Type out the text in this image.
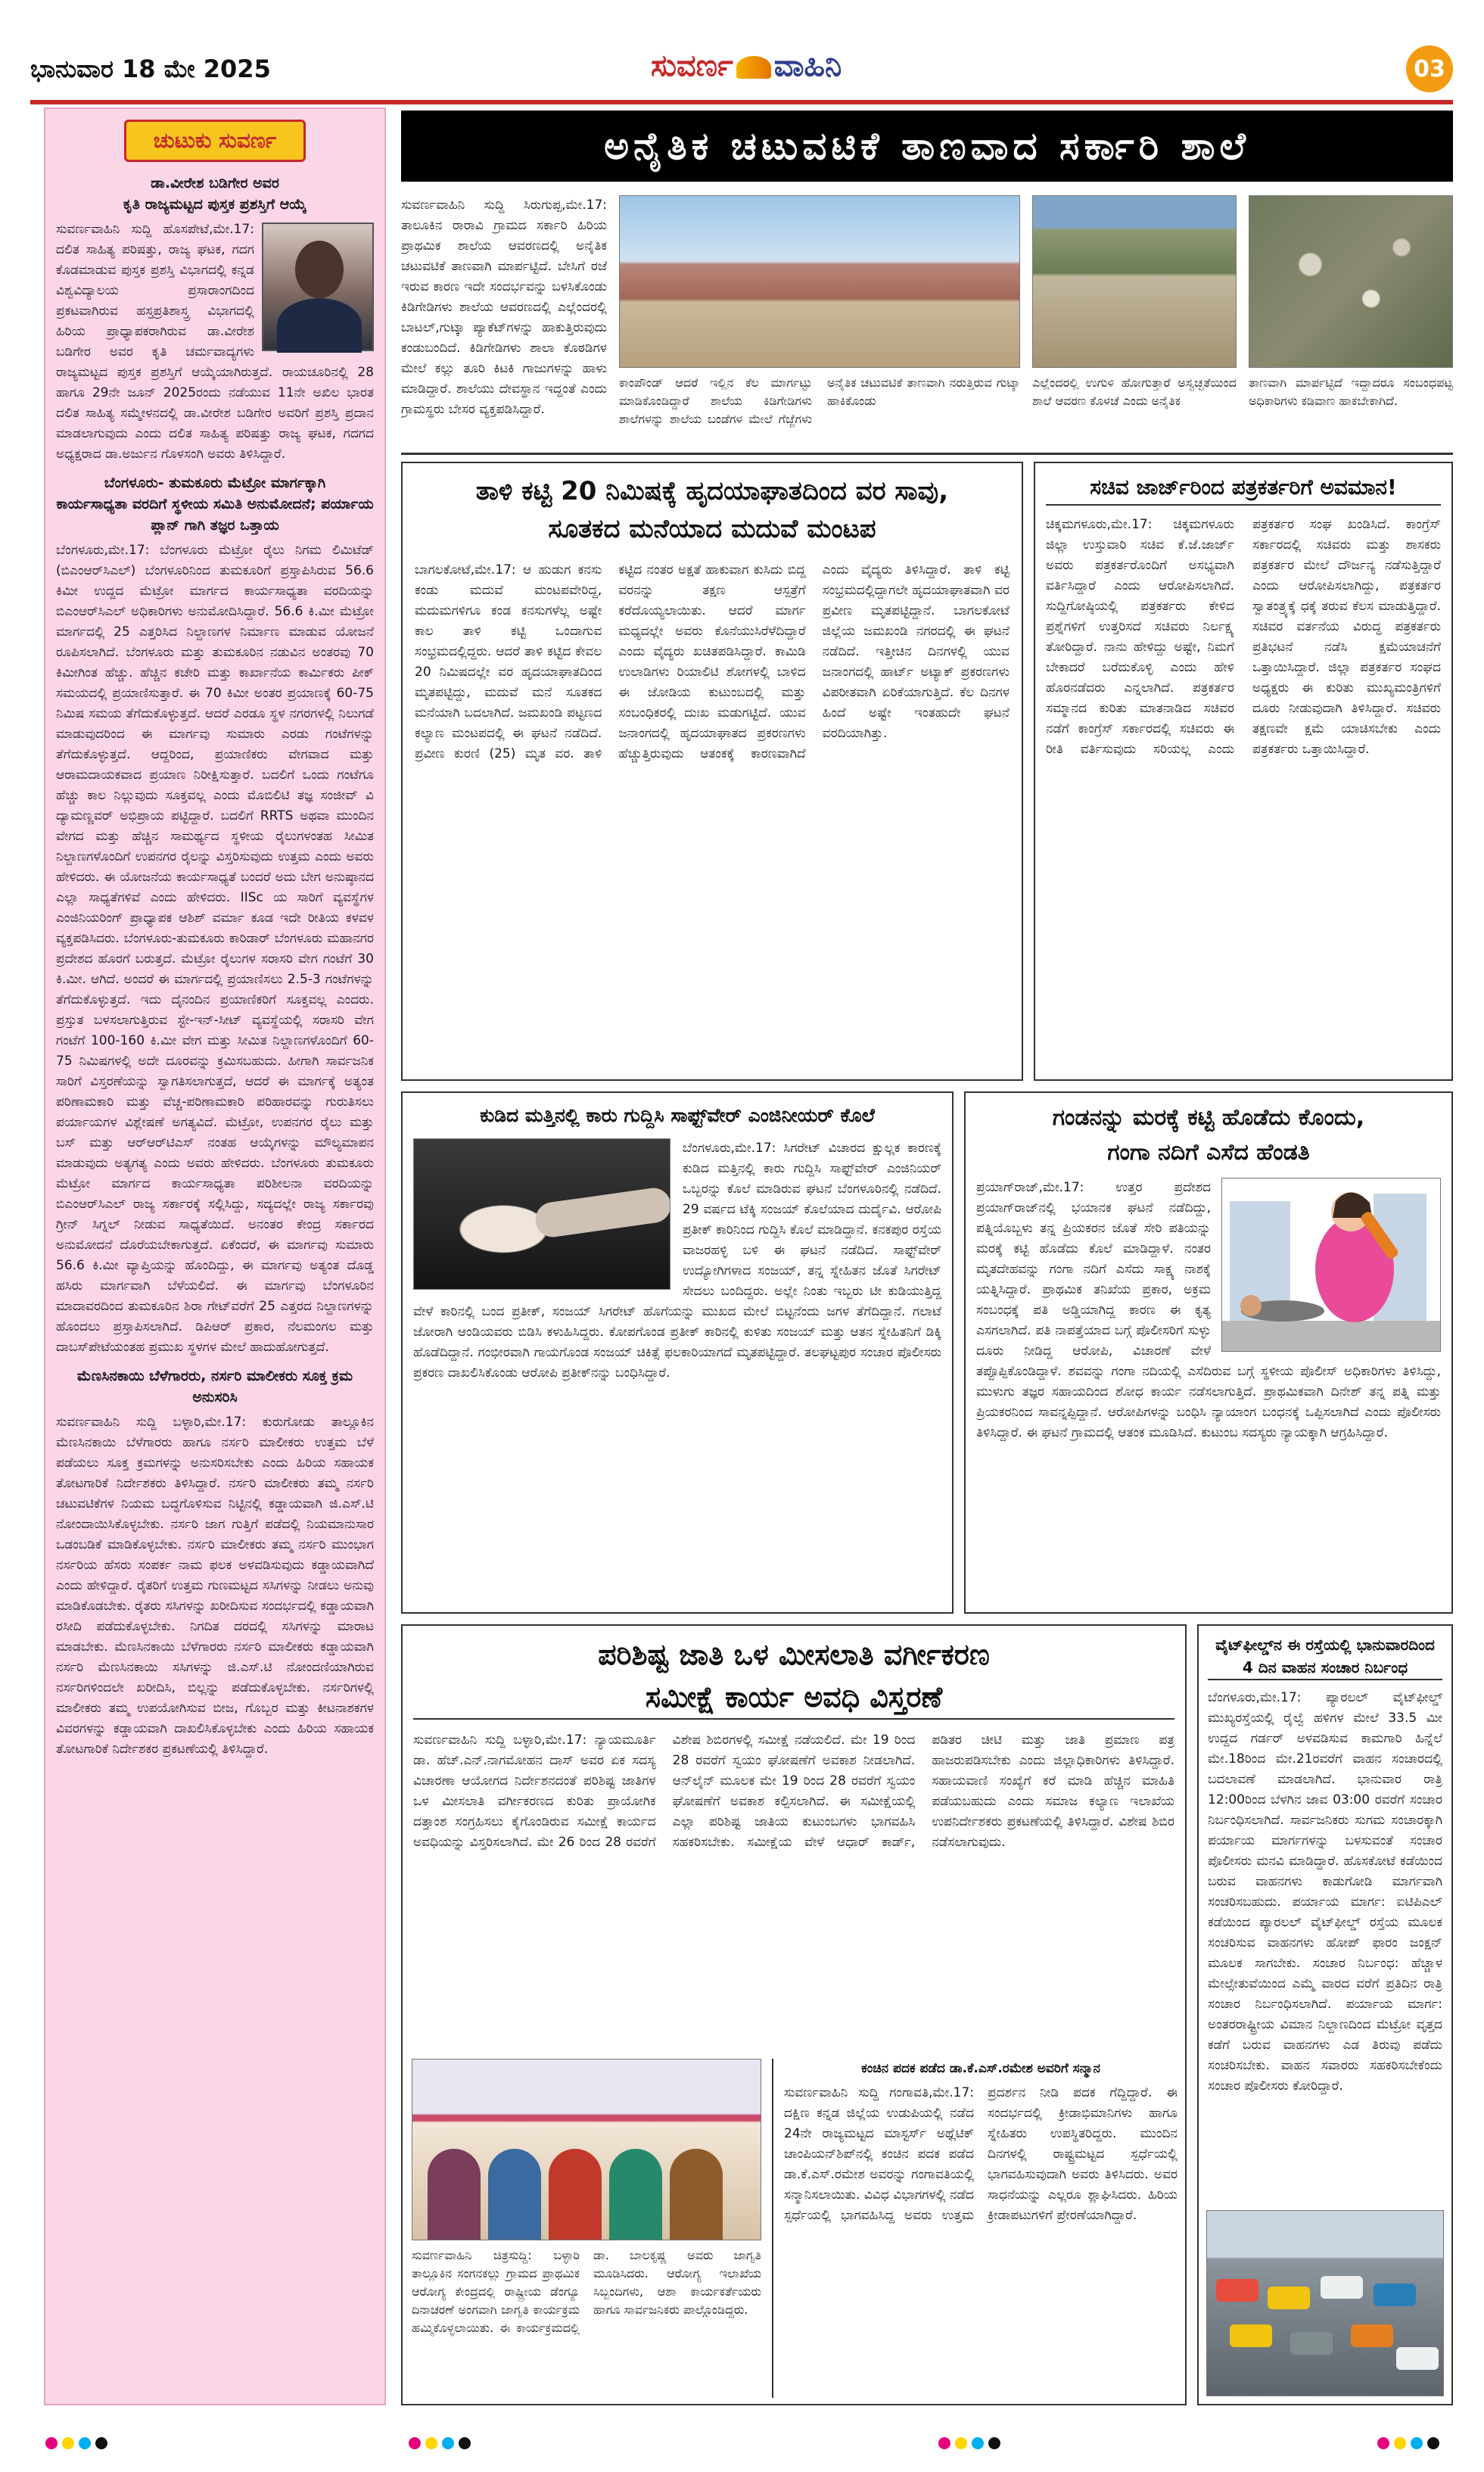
ಭಾನುವಾರ 18 ಮೇ 2025	ಸುವರ್ಣ ವಾಹಿನಿ	03
ಚುಟುಕು ಸುವರ್ಣ
ಡಾ.ವೀರೇಶ ಬಡಿಗೇರ ಅವರ
ಕೃತಿ ರಾಜ್ಯಮಟ್ಟದ ಪುಸ್ತಕ ಪ್ರಶಸ್ತಿಗೆ ಆಯ್ಕೆ

ಸುವರ್ಣವಾಹಿನಿ ಸುದ್ದಿ ಹೊಸಪೇಟೆ,ಮೇ.17: ದಲಿತ ಸಾಹಿತ್ಯ ಪರಿಷತ್ತು, ರಾಜ್ಯ ಘಟಕ, ಗದಗ ಕೊಡಮಾಡುವ ಪುಸ್ತಕ ಪ್ರಶಸ್ತಿ ವಿಭಾಗದಲ್ಲಿ ಕನ್ನಡ ವಿಶ್ವವಿದ್ಯಾಲಯ ಪ್ರಸಾರಾಂಗದಿಂದ ಪ್ರಕಟವಾಗಿರುವ ಹಸ್ತಪ್ರತಿಶಾಸ್ತ್ರ ವಿಭಾಗದಲ್ಲಿ ಹಿರಿಯ ಪ್ರಾಧ್ಯಾಪಕರಾಗಿರುವ ಡಾ.ವೀರೇಶ ಬಡಿಗೇರ ಅವರ ಕೃತಿ ಚರ್ಮವಾದ್ಯಗಳು ರಾಜ್ಯಮಟ್ಟದ ಪುಸ್ತಕ ಪ್ರಶಸ್ತಿಗೆ ಆಯ್ಕೆಯಾಗಿರುತ್ತದೆ. ರಾಯಚೂರಿನಲ್ಲಿ 28 ಹಾಗೂ 29ನೇ ಜೂನ್ 2025ರಂದು ನಡೆಯುವ 11ನೇ ಅಖಿಲ ಭಾರತ ದಲಿತ ಸಾಹಿತ್ಯ ಸಮ್ಮೇಳನದಲ್ಲಿ ಡಾ.ವೀರೇಶ ಬಡಿಗೇರ ಅವರಿಗೆ ಪ್ರಶಸ್ತಿ ಪ್ರದಾನ ಮಾಡಲಾಗುವುದು ಎಂದು ದಲಿತ ಸಾಹಿತ್ಯ ಪರಿಷತ್ತು ರಾಜ್ಯ ಘಟಕ, ಗದಗದ ಅಧ್ಯಕ್ಷರಾದ ಡಾ.ಅರ್ಜುನ ಗೊಳಸಂಗಿ ಅವರು ತಿಳಿಸಿದ್ದಾರೆ.

ಬೆಂಗಳೂರು- ತುಮಕೂರು ಮೆಟ್ರೋ ಮಾರ್ಗಕ್ಕಾಗಿ
ಕಾರ್ಯಸಾಧ್ಯತಾ ವರದಿಗೆ ಸ್ಥಳೀಯ ಸಮಿತಿ ಅನುಮೋದನೆ; ಪರ್ಯಾಯ ಪ್ಲಾನ್ ಗಾಗಿ ತಜ್ಞರ ಒತ್ತಾಯ

ಬೆಂಗಳೂರು,ಮೇ.17: ಬೆಂಗಳೂರು ಮೆಟ್ರೋ ರೈಲು ನಿಗಮ ಲಿಮಿಟೆಡ್ (ಬಿಎಂಆರ್‌ಸಿಎಲ್) ಬೆಂಗಳೂರಿನಿಂದ ತುಮಕೂರಿಗೆ ಪ್ರಸ್ತಾಪಿಸಿರುವ 56.6 ಕಿಮೀ ಉದ್ದದ ಮೆಟ್ರೋ ಮಾರ್ಗದ ಕಾರ್ಯಸಾಧ್ಯತಾ ವರದಿಯನ್ನು ಬಿಎಂಆರ್‌ಸಿಎಲ್ ಅಧಿಕಾರಿಗಳು ಅನುಮೋದಿಸಿದ್ದಾರೆ. 56.6 ಕಿ.ಮೀ ಮೆಟ್ರೋ ಮಾರ್ಗದಲ್ಲಿ 25 ಎತ್ತರಿಸಿದ ನಿಲ್ದಾಣಗಳ ನಿರ್ಮಾಣ ಮಾಡುವ ಯೋಜನೆ ರೂಪಿಸಲಾಗಿದೆ. ಬೆಂಗಳೂರು ಮತ್ತು ತುಮಕೂರಿನ ನಡುವಿನ ಅಂತರವು 70 ಕಿಮೀಗಿಂತ ಹೆಚ್ಚು. ಹೆಚ್ಚಿನ ಕಚೇರಿ ಮತ್ತು ಕಾರ್ಖಾನೆಯ ಕಾರ್ಮಿಕರು ಪೀಕ್ ಸಮಯದಲ್ಲಿ ಪ್ರಯಾಣಿಸುತ್ತಾರೆ. ಈ 70 ಕಿಮೀ ಅಂತರ ಪ್ರಯಾಣಕ್ಕೆ 60-75 ನಿಮಿಷ ಸಮಯ ತೆಗೆದುಕೊಳ್ಳುತ್ತದೆ. ಆದರೆ ಎರಡೂ ಸ್ಥಳ ನಗರಗಳಲ್ಲಿ ನಿಲುಗಡೆ ಮಾಡುವುದರಿಂದ ಈ ಮಾರ್ಗವು ಸುಮಾರು ಎರಡು ಗಂಟೆಗಳನ್ನು ತೆಗೆದುಕೊಳ್ಳುತ್ತದೆ. ಆದ್ದರಿಂದ, ಪ್ರಯಾಣಿಕರು ವೇಗವಾದ ಮತ್ತು ಆರಾಮದಾಯಕವಾದ ಪ್ರಯಾಣ ನಿರೀಕ್ಷಿಸುತ್ತಾರೆ. ಬದಲಿಗೆ ಒಂದು ಗಂಟೆಗೂ ಹೆಚ್ಚು ಕಾಲ ನಿಲ್ಲುವುದು ಸೂಕ್ತವಲ್ಲ ಎಂದು ಮೊಬಿಲಿಟಿ ತಜ್ಞ ಸಂಜೀವ್ ವಿ ದ್ಯಾಮಣ್ಣವರ್ ಅಭಿಪ್ರಾಯ ಪಟ್ಟಿದ್ದಾರೆ. ಬದಲಿಗೆ RRTS ಅಥವಾ ಮುಂದಿನ ವೇಗದ ಮತ್ತು ಹೆಚ್ಚಿನ ಸಾಮರ್ಥ್ಯದ ಸ್ಥಳೀಯ ರೈಲುಗಳಂತಹ ಸೀಮಿತ ನಿಲ್ದಾಣಗಳೊಂದಿಗೆ ಉಪನಗರ ರೈಲನ್ನು ವಿಸ್ತರಿಸುವುದು ಉತ್ತಮ ಎಂದು ಅವರು ಹೇಳಿದರು. ಈ ಯೋಜನೆಯ ಕಾರ್ಯಸಾಧ್ಯತೆ ಬಂದರೆ ಅದು ಬೇಗ ಅನುಷ್ಠಾನದ ಎಲ್ಲಾ ಸಾಧ್ಯತೆಗಳಿವೆ ಎಂದು ಹೇಳಿದರು. IISc ಯ ಸಾರಿಗೆ ವ್ಯವಸ್ಥೆಗಳ ಎಂಜಿನಿಯರಿಂಗ್ ಪ್ರಾಧ್ಯಾಪಕ ಆಶಿಶ್ ವರ್ಮಾ ಕೂಡ ಇದೇ ರೀತಿಯ ಕಳವಳ ವ್ಯಕ್ತಪಡಿಸಿದರು. ಬೆಂಗಳೂರು-ತುಮಕೂರು ಕಾರಿಡಾರ್ ಬೆಂಗಳೂರು ಮಹಾನಗರ ಪ್ರದೇಶದ ಹೊರಗೆ ಬರುತ್ತದೆ. ಮೆಟ್ರೋ ರೈಲುಗಳ ಸರಾಸರಿ ವೇಗ ಗಂಟೆಗೆ 30 ಕಿ.ಮೀ. ಆಗಿದೆ. ಅಂದರೆ ಈ ಮಾರ್ಗದಲ್ಲಿ ಪ್ರಯಾಣಿಸಲು 2.5-3 ಗಂಟೆಗಳನ್ನು ತೆಗೆದುಕೊಳ್ಳುತ್ತದೆ. ಇದು ದೈನಂದಿನ ಪ್ರಯಾಣಿಕರಿಗೆ ಸೂಕ್ತವಲ್ಲ ಎಂದರು. ಪ್ರಸ್ತುತ ಬಳಸಲಾಗುತ್ತಿರುವ ಸ್ಟೇ-ಇನ್-ಸೀಟ್ ವ್ಯವಸ್ಥೆಯಲ್ಲಿ ಸರಾಸರಿ ವೇಗ ಗಂಟೆಗೆ 100-160 ಕಿ.ಮೀ ವೇಗ ಮತ್ತು ಸೀಮಿತ ನಿಲ್ದಾಣಗಳೊಂದಿಗೆ 60-75 ನಿಮಿಷಗಳಲ್ಲಿ ಅದೇ ದೂರವನ್ನು ಕ್ರಮಿಸಬಹುದು. ಹೀಗಾಗಿ ಸಾರ್ವಜನಿಕ ಸಾರಿಗೆ ವಿಸ್ತರಣೆಯನ್ನು ಸ್ವಾಗತಿಸಲಾಗುತ್ತದೆ, ಆದರೆ ಈ ಮಾರ್ಗಕ್ಕೆ ಅತ್ಯಂತ ಪರಿಣಾಮಕಾರಿ ಮತ್ತು ವೆಚ್ಚ-ಪರಿಣಾಮಕಾರಿ ಪರಿಹಾರವನ್ನು ಗುರುತಿಸಲು ಪರ್ಯಾಯಗಳ ವಿಶ್ಲೇಷಣೆ ಅಗತ್ಯವಿದೆ. ಮೆಟ್ರೋ, ಉಪನಗರ ರೈಲು ಮತ್ತು ಬಸ್ ಮತ್ತು ಆರ್‌ಆರ್‌ಟಿಎಸ್ ನಂತಹ ಆಯ್ಕೆಗಳನ್ನು ಮೌಲ್ಯಮಾಪನ ಮಾಡುವುದು ಅತ್ಯಗತ್ಯ ಎಂದು ಅವರು ಹೇಳಿದರು. ಬೆಂಗಳೂರು ತುಮಕೂರು ಮೆಟ್ರೋ ಮಾರ್ಗದ ಕಾರ್ಯಸಾಧ್ಯತಾ ಪರಿಶೀಲನಾ ವರದಿಯನ್ನು ಬಿಎಂಆರ್‌ಸಿಎಲ್ ರಾಜ್ಯ ಸರ್ಕಾರಕ್ಕೆ ಸಲ್ಲಿಸಿದ್ದು, ಸದ್ಯದಲ್ಲೇ ರಾಜ್ಯ ಸರ್ಕಾರವು ಗ್ರೀನ್ ಸಿಗ್ನಲ್ ನೀಡುವ ಸಾಧ್ಯತೆಯಿದೆ. ಅನಂತರ ಕೇಂದ್ರ ಸರ್ಕಾರದ ಅನುಮೋದನೆ ದೊರೆಯಬೇಕಾಗುತ್ತದೆ. ಏಕೆಂದರೆ, ಈ ಮಾರ್ಗವು ಸುಮಾರು 56.6 ಕಿ.ಮೀ ವ್ಯಾಪ್ತಿಯನ್ನು ಹೊಂದಿದ್ದು, ಈ ಮಾರ್ಗವು ಅತ್ಯಂತ ದೊಡ್ಡ ಹಸಿರು ಮಾರ್ಗವಾಗಿ ಬೆಳೆಯಲಿದೆ. ಈ ಮಾರ್ಗವು ಬೆಂಗಳೂರಿನ ಮಾದಾವರದಿಂದ ತುಮಕೂರಿನ ಶಿರಾ ಗೇಟ್‌ವರೆಗೆ 25 ಎತ್ತರದ ನಿಲ್ದಾಣಗಳನ್ನು ಹೊಂದಲು ಪ್ರಸ್ತಾಪಿಸಲಾಗಿದೆ. ಡಿಪಿಆರ್ ಪ್ರಕಾರ, ನೆಲಮಂಗಲ ಮತ್ತು ದಾಬಸ್‌ಪೇಟೆಯಂತಹ ಪ್ರಮುಖ ಸ್ಥಳಗಳ ಮೇಲೆ ಹಾದುಹೋಗುತ್ತದೆ.

ಮೆಣಸಿನಕಾಯಿ ಬೆಳೆಗಾರರು, ನರ್ಸರಿ ಮಾಲೀಕರು ಸೂಕ್ತ ಕ್ರಮ
ಅನುಸರಿಸಿ

ಸುವರ್ಣವಾಹಿನಿ ಸುದ್ದಿ ಬಳ್ಳಾರಿ,ಮೇ.17: ಕುರುಗೋಡು ತಾಲ್ಲೂಕಿನ ಮೆಣಸಿನಕಾಯಿ ಬೆಳೆಗಾರರು ಹಾಗೂ ನರ್ಸರಿ ಮಾಲೀಕರು ಉತ್ತಮ ಬೆಳೆ ಪಡೆಯಲು ಸೂಕ್ತ ಕ್ರಮಗಳನ್ನು ಅನುಸರಿಸಬೇಕು ಎಂದು ಹಿರಿಯ ಸಹಾಯಕ ತೋಟಗಾರಿಕೆ ನಿರ್ದೇಶಕರು ತಿಳಿಸಿದ್ದಾರೆ. ನರ್ಸರಿ ಮಾಲೀಕರು ತಮ್ಮ ನರ್ಸರಿ ಚಟುವಟಿಕೆಗಳ ನಿಯಮ ಬದ್ಧಗೊಳಿಸುವ ನಿಟ್ಟಿನಲ್ಲಿ ಕಡ್ಡಾಯವಾಗಿ ಜಿ.ಎಸ್.ಟಿ ನೋಂದಾಯಿಸಿಕೊಳ್ಳಬೇಕು. ನರ್ಸರಿ ಜಾಗ ಗುತ್ತಿಗೆ ಪಡೆದಲ್ಲಿ ನಿಯಮಾನುಸಾರ ಒಡಂಬಡಿಕೆ ಮಾಡಿಕೊಳ್ಳಬೇಕು. ನರ್ಸರಿ ಮಾಲೀಕರು ತಮ್ಮ ನರ್ಸರಿ ಮುಂಭಾಗ ನರ್ಸರಿಯ ಹೆಸರು ಸಂಪರ್ಕ ನಾಮ ಫಲಕ ಅಳವಡಿಸುವುದು ಕಡ್ಡಾಯವಾಗಿದೆ ಎಂದು ಹೇಳಿದ್ದಾರೆ. ರೈತರಿಗೆ ಉತ್ತಮ ಗುಣಮಟ್ಟದ ಸಸಿಗಳನ್ನು ನೀಡಲು ಅನುವು ಮಾಡಿಕೊಡಬೇಕು. ರೈತರು ಸಸಿಗಳನ್ನು ಖರೀದಿಸುವ ಸಂದರ್ಭದಲ್ಲಿ ಕಡ್ಡಾಯವಾಗಿ ರಸೀದಿ ಪಡೆದುಕೊಳ್ಳಬೇಕು. ನಿಗದಿತ ದರದಲ್ಲಿ ಸಸಿಗಳನ್ನು ಮಾರಾಟ ಮಾಡಬೇಕು. ಮೆಣಸಿನಕಾಯಿ ಬೆಳೆಗಾರರು ನರ್ಸರಿ ಮಾಲೀಕರು ಕಡ್ಡಾಯವಾಗಿ ನರ್ಸರಿ ಮೆಣಸಿನಕಾಯಿ ಸಸಿಗಳನ್ನು ಜಿ.ಎಸ್.ಟಿ ನೋಂದಣಿಯಾಗಿರುವ ನರ್ಸರಿಗಳಿಂದಲೇ ಖರೀದಿಸಿ, ಬಿಲ್ಲನ್ನು ಪಡೆದುಕೊಳ್ಳಬೇಕು. ನರ್ಸರಿಗಳಲ್ಲಿ ಮಾಲೀಕರು ತಮ್ಮ ಉಪಯೋಗಿಸುವ ಬೀಜ, ಗೊಬ್ಬರ ಮತ್ತು ಕೀಟನಾಶಕಗಳ ವಿವರಗಳನ್ನು ಕಡ್ಡಾಯವಾಗಿ ದಾಖಲಿಸಿಕೊಳ್ಳಬೇಕು ಎಂದು ಹಿರಿಯ ಸಹಾಯಕ ತೋಟಗಾರಿಕೆ ನಿರ್ದೇಶಕರ ಪ್ರಕಟಣೆಯಲ್ಲಿ ತಿಳಿಸಿದ್ದಾರೆ.

ಅನೈತಿಕ ಚಟುವಟಿಕೆ ತಾಣವಾದ ಸರ್ಕಾರಿ ಶಾಲೆ

ಸುವರ್ಣವಾಹಿನಿ ಸುದ್ದಿ ಸಿರುಗುಪ್ಪ,ಮೇ.17: ತಾಲೂಕಿನ ರಾರಾವಿ ಗ್ರಾಮದ ಸರ್ಕಾರಿ ಹಿರಿಯ ಪ್ರಾಥಮಿಕ ಶಾಲೆಯ ಆವರಣದಲ್ಲಿ ಅನೈತಿಕ ಚಟುವಟಿಕೆ ತಾಣವಾಗಿ ಮಾರ್ಪಟ್ಟಿದೆ. ಬೇಸಿಗೆ ರಜೆ ಇರುವ ಕಾರಣ ಇದೇ ಸಂದರ್ಭವನ್ನು ಬಳಸಿಕೊಂಡು ಕಿಡಿಗೇಡಿಗಳು ಶಾಲೆಯ ಆವರಣದಲ್ಲಿ ಎಲ್ಲೆಂದರಲ್ಲಿ ಬಾಟಲ್,ಗುಟ್ಕಾ ಪ್ಯಾಕೆಟ್‌ಗಳನ್ನು ಹಾಕುತ್ತಿರುವುದು ಕಂಡುಬಂದಿದೆ. ಕಿಡಿಗೇಡಿಗಳು ಶಾಲಾ ಕೊಠಡಿಗಳ ಮೇಲೆ ಕಲ್ಲು ತೂರಿ ಕಿಟಕಿ ಗಾಜುಗಳನ್ನು ಹಾಳು ಮಾಡಿದ್ದಾರೆ. ಶಾಲೆಯು ದೇವಸ್ಥಾನ ಇದ್ದಂತೆ ಎಂದು ಗ್ರಾಮಸ್ಥರು ಬೇಸರ ವ್ಯಕ್ತಪಡಿಸಿದ್ದಾರೆ.

ಕಾಂಪೌಂಡ್ ಆದರೆ ಇಲ್ಲಿನ ಕೆಲ ಮಾರ್ಗಟ್ಟು ಮಾಡಿಕೊಂಡಿದ್ದಾರೆ ಶಾಲೆಯ ಕಿಡಿಗೇಡಿಗಳು ಶಾಲೆಗಳನ್ನು ಶಾಲೆಯ ಬಂಡೆಗಳ ಮೇಲೆ ಗೆಜ್ಜೆಗಳು ಅನೈತಿಕ ಚಟುವಟಿಕೆ ತಾಣವಾಗಿ ನರುತ್ತಿರುವ ಗುಟ್ಕಾ ಹಾಕಿಕೊಂಡು
ಎಲ್ಲೆಂದರಲ್ಲಿ ಉಗುಳಿ ಹೋಗುತ್ತಾರೆ ಅಸ್ವಚ್ಛತೆಯಿಂದ ಶಾಲೆ ಆವರಣ ಕೊಳಚೆ ಎಂದು ಅನೈತಿಕ
ತಾಣವಾಗಿ ಮಾರ್ಪಟ್ಟಿದೆ ಇದ್ದಾದರೂ ಸಂಬಂಧಪಟ್ಟ ಅಧಿಕಾರಿಗಳು ಕಡಿವಾಣ ಹಾಕಬೇಕಾಗಿದೆ.
ತಾಳಿ ಕಟ್ಟಿ 20 ನಿಮಿಷಕ್ಕೆ ಹೃದಯಾಘಾತದಿಂದ ವರ ಸಾವು,
ಸೂತಕದ ಮನೆಯಾದ ಮದುವೆ ಮಂಟಪ

ಬಾಗಲಕೋಟೆ,ಮೇ.17: ಆ ಹುಡುಗ ಕನಸು ಕಂಡು ಮದುವೆ ಮಂಟಪವೇರಿದ್ದ, ಮದುಮಗಳಿಗೂ ಕಂಡ ಕನಸುಗಳೆಲ್ಲ ಅಷ್ಟೇ ಕಾಲ ತಾಳಿ ಕಟ್ಟಿ ಒಂದಾಗುವ ಸಂಭ್ರಮದಲ್ಲಿದ್ದರು. ಆದರೆ ತಾಳಿ ಕಟ್ಟಿದ ಕೇವಲ 20 ನಿಮಿಷದಲ್ಲೇ ವರ ಹೃದಯಾಘಾತದಿಂದ ಮೃತಪಟ್ಟಿದ್ದು, ಮದುವೆ ಮನೆ ಸೂತಕದ ಮನೆಯಾಗಿ ಬದಲಾಗಿದೆ. ಜಮಖಂಡಿ ಪಟ್ಟಣದ ಕಲ್ಯಾಣ ಮಂಟಪದಲ್ಲಿ ಈ ಘಟನೆ ನಡೆದಿದೆ. ಪ್ರವೀಣ ಕುರಣಿ (25) ಮೃತ ವರ. ತಾಳಿ ಕಟ್ಟಿದ ನಂತರ ಅಕ್ಷತೆ ಹಾಕುವಾಗ ಕುಸಿದು ಬಿದ್ದ ವರನನ್ನು ತಕ್ಷಣ ಆಸ್ಪತ್ರೆಗೆ ಕರೆದೊಯ್ಯಲಾಯಿತು. ಆದರೆ ಮಾರ್ಗ ಮಧ್ಯದಲ್ಲೇ ಅವರು ಕೊನೆಯುಸಿರೆಳೆದಿದ್ದಾರೆ ಎಂದು ವೈದ್ಯರು ಖಚಿತಪಡಿಸಿದ್ದಾರೆ. ಕಾಮಿಡಿ ಉಲಾಡಿಗಳು ರಿಯಾಲಿಟಿ ಶೋಗಳಲ್ಲಿ ಬಾಳಿದ ಈ ಜೋಡಿಯ ಕುಟುಂಬದಲ್ಲಿ ಮತ್ತು ಸಂಬಂಧಿಕರಲ್ಲಿ ದುಃಖ ಮಡುಗಟ್ಟಿದೆ. ಯುವ ಜನಾಂಗದಲ್ಲಿ ಹೃದಯಾಘಾತದ ಪ್ರಕರಣಗಳು ಹೆಚ್ಚುತ್ತಿರುವುದು ಆತಂಕಕ್ಕೆ ಕಾರಣವಾಗಿದೆ ಎಂದು ವೈದ್ಯರು ತಿಳಿಸಿದ್ದಾರೆ. ತಾಳಿ ಕಟ್ಟಿ ಸಂಭ್ರಮದಲ್ಲಿದ್ದಾಗಲೇ ಹೃದಯಾಘಾತವಾಗಿ ವರ ಪ್ರವೀಣ ಮೃತಪಟ್ಟಿದ್ದಾನೆ. ಬಾಗಲಕೋಟೆ ಜಿಲ್ಲೆಯ ಜಮಖಂಡಿ ನಗರದಲ್ಲಿ ಈ ಘಟನೆ ನಡೆದಿದೆ. ಇತ್ತೀಚಿನ ದಿನಗಳಲ್ಲಿ ಯುವ ಜನಾಂಗದಲ್ಲಿ ಹಾರ್ಟ್ ಅಟ್ಯಾಕ್ ಪ್ರಕರಣಗಳು ವಿಪರೀತವಾಗಿ ಏರಿಕೆಯಾಗುತ್ತಿದೆ. ಕೆಲ ದಿನಗಳ ಹಿಂದೆ ಅಷ್ಟೇ ಇಂತಹುದೇ ಘಟನೆ ವರದಿಯಾಗಿತ್ತು.

ಸಚಿವ ಜಾರ್ಜ್‌ರಿಂದ ಪತ್ರಕರ್ತರಿಗೆ ಅವಮಾನ!

ಚಿಕ್ಕಮಗಳೂರು,ಮೇ.17: ಚಿಕ್ಕಮಗಳೂರು ಜಿಲ್ಲಾ ಉಸ್ತುವಾರಿ ಸಚಿವ ಕೆ.ಜೆ.ಜಾರ್ಜ್ ಅವರು ಪತ್ರಕರ್ತರೊಂದಿಗೆ ಅಸಭ್ಯವಾಗಿ ವರ್ತಿಸಿದ್ದಾರೆ ಎಂದು ಆರೋಪಿಸಲಾಗಿದೆ. ಸುದ್ದಿಗೋಷ್ಠಿಯಲ್ಲಿ ಪತ್ರಕರ್ತರು ಕೇಳಿದ ಪ್ರಶ್ನೆಗಳಿಗೆ ಉತ್ತರಿಸದೆ ಸಚಿವರು ನಿರ್ಲಕ್ಷ್ಯ ತೋರಿದ್ದಾರೆ. ನಾನು ಹೇಳಿದ್ದು ಅಷ್ಟೇ, ನಿಮಗೆ ಬೇಕಾದರೆ ಬರೆದುಕೊಳ್ಳಿ ಎಂದು ಹೇಳಿ ಹೊರನಡೆದರು ಎನ್ನಲಾಗಿದೆ. ಪತ್ರಕರ್ತರ ಸಮ್ಮಾನದ ಕುರಿತು ಮಾತನಾಡಿದ ಸಚಿವರ ನಡೆಗೆ ಕಾಂಗ್ರೆಸ್ ಸರ್ಕಾರದಲ್ಲಿ ಸಚಿವರು ಈ ರೀತಿ ವರ್ತಿಸುವುದು ಸರಿಯಲ್ಲ ಎಂದು ಪತ್ರಕರ್ತರ ಸಂಘ ಖಂಡಿಸಿದೆ. ಕಾಂಗ್ರೆಸ್ ಸರ್ಕಾರದಲ್ಲಿ ಸಚಿವರು ಮತ್ತು ಶಾಸಕರು ಪತ್ರಕರ್ತರ ಮೇಲೆ ದೌರ್ಜನ್ಯ ನಡೆಸುತ್ತಿದ್ದಾರೆ ಎಂದು ಆರೋಪಿಸಲಾಗಿದ್ದು, ಪತ್ರಕರ್ತರ ಸ್ವಾತಂತ್ರ್ಯಕ್ಕೆ ಧಕ್ಕೆ ತರುವ ಕೆಲಸ ಮಾಡುತ್ತಿದ್ದಾರೆ. ಸಚಿವರ ವರ್ತನೆಯ ವಿರುದ್ಧ ಪತ್ರಕರ್ತರು ಪ್ರತಿಭಟನೆ ನಡೆಸಿ ಕ್ಷಮೆಯಾಚನೆಗೆ ಒತ್ತಾಯಿಸಿದ್ದಾರೆ. ಜಿಲ್ಲಾ ಪತ್ರಕರ್ತರ ಸಂಘದ ಅಧ್ಯಕ್ಷರು ಈ ಕುರಿತು ಮುಖ್ಯಮಂತ್ರಿಗಳಿಗೆ ದೂರು ನೀಡುವುದಾಗಿ ತಿಳಿಸಿದ್ದಾರೆ. ಸಚಿವರು ತಕ್ಷಣವೇ ಕ್ಷಮೆ ಯಾಚಿಸಬೇಕು ಎಂದು ಪತ್ರಕರ್ತರು ಒತ್ತಾಯಿಸಿದ್ದಾರೆ.

ಕುಡಿದ ಮತ್ತಿನಲ್ಲಿ ಕಾರು ಗುದ್ದಿಸಿ ಸಾಫ್ಟ್‌ವೇರ್ ಎಂಜಿನೀಯರ್ ಕೊಲೆ

ಬೆಂಗಳೂರು,ಮೇ.17: ಸಿಗರೇಟ್ ವಿಚಾರದ ಕ್ಷುಲ್ಲಕ ಕಾರಣಕ್ಕೆ ಕುಡಿದ ಮತ್ತಿನಲ್ಲಿ ಕಾರು ಗುದ್ದಿಸಿ ಸಾಫ್ಟ್‌ವೇರ್ ಎಂಜಿನಿಯರ್ ಒಬ್ಬರನ್ನು ಕೊಲೆ ಮಾಡಿರುವ ಘಟನೆ ಬೆಂಗಳೂರಿನಲ್ಲಿ ನಡೆದಿದೆ. 29 ವರ್ಷದ ಟೆಕ್ಕಿ ಸಂಜಯ್ ಕೊಲೆಯಾದ ದುರ್ದೈವಿ. ಆರೋಪಿ ಪ್ರತೀಕ್ ಕಾರಿನಿಂದ ಗುದ್ದಿಸಿ ಕೊಲೆ ಮಾಡಿದ್ದಾನೆ. ಕನಕಪುರ ರಸ್ತೆಯ ವಾಜರಹಳ್ಳಿ ಬಳಿ ಈ ಘಟನೆ ನಡೆದಿದೆ. ಸಾಫ್ಟ್‌ವೇರ್ ಉದ್ಯೋಗಿಗಳಾದ ಸಂಜಯ್, ತನ್ನ ಸ್ನೇಹಿತನ ಜೊತೆ ಸಿಗರೇಟ್ ಸೇದಲು ಬಂದಿದ್ದರು. ಅಲ್ಲೇ ನಿಂತು ಇಬ್ಬರು ಟೀ ಕುಡಿಯುತ್ತಿದ್ದ ವೇಳೆ ಕಾರಿನಲ್ಲಿ ಬಂದ ಪ್ರತೀಕ್, ಸಂಜಯ್ ಸಿಗರೇಟ್ ಹೊಗೆಯನ್ನು ಮುಖದ ಮೇಲೆ ಬಿಟ್ಟನೆಂದು ಜಗಳ ತೆಗೆದಿದ್ದಾನೆ. ಗಲಾಟೆ ಜೋರಾಗಿ ಆಂಡಿಯವರು ಬಿಡಿಸಿ ಕಳುಹಿಸಿದ್ದರು. ಕೋಪಗೊಂಡ ಪ್ರತೀಕ್ ಕಾರಿನಲ್ಲಿ ಕುಳಿತು ಸಂಜಯ್ ಮತ್ತು ಆತನ ಸ್ನೇಹಿತನಿಗೆ ಡಿಕ್ಕಿ ಹೊಡೆದಿದ್ದಾನೆ. ಗಂಭೀರವಾಗಿ ಗಾಯಗೊಂಡ ಸಂಜಯ್ ಚಿಕಿತ್ಸೆ ಫಲಕಾರಿಯಾಗದೆ ಮೃತಪಟ್ಟಿದ್ದಾರೆ. ತಲಘಟ್ಟಪುರ ಸಂಚಾರ ಪೊಲೀಸರು ಪ್ರಕರಣ ದಾಖಲಿಸಿಕೊಂಡು ಆರೋಪಿ ಪ್ರತೀಕ್‌ನನ್ನು ಬಂಧಿಸಿದ್ದಾರೆ.

ಗಂಡನನ್ನು ಮರಕ್ಕೆ ಕಟ್ಟಿ ಹೊಡೆದು ಕೊಂದು,
ಗಂಗಾ ನದಿಗೆ ಎಸೆದ ಹೆಂಡತಿ

ಪ್ರಯಾಗ್‌ರಾಜ್,ಮೇ.17: ಉತ್ತರ ಪ್ರದೇಶದ ಪ್ರಯಾಗ್‌ರಾಜ್‌ನಲ್ಲಿ ಭಯಾನಕ ಘಟನೆ ನಡೆದಿದ್ದು, ಪತ್ನಿಯೊಬ್ಬಳು ತನ್ನ ಪ್ರಿಯಕರನ ಜೊತೆ ಸೇರಿ ಪತಿಯನ್ನು ಮರಕ್ಕೆ ಕಟ್ಟಿ ಹೊಡೆದು ಕೊಲೆ ಮಾಡಿದ್ದಾಳೆ. ನಂತರ ಮೃತದೇಹವನ್ನು ಗಂಗಾ ನದಿಗೆ ಎಸೆದು ಸಾಕ್ಷ್ಯ ನಾಶಕ್ಕೆ ಯತ್ನಿಸಿದ್ದಾರೆ. ಪ್ರಾಥಮಿಕ ತನಿಖೆಯ ಪ್ರಕಾರ, ಅಕ್ರಮ ಸಂಬಂಧಕ್ಕೆ ಪತಿ ಅಡ್ಡಿಯಾಗಿದ್ದ ಕಾರಣ ಈ ಕೃತ್ಯ ಎಸಗಲಾಗಿದೆ. ಪತಿ ನಾಪತ್ತೆಯಾದ ಬಗ್ಗೆ ಪೊಲೀಸರಿಗೆ ಸುಳ್ಳು ದೂರು ನೀಡಿದ್ದ ಆರೋಪಿ, ವಿಚಾರಣೆ ವೇಳೆ ತಪ್ಪೊಪ್ಪಿಕೊಂಡಿದ್ದಾಳೆ. ಶವವನ್ನು ಗಂಗಾ ನದಿಯಲ್ಲಿ ಎಸೆದಿರುವ ಬಗ್ಗೆ ಸ್ಥಳೀಯ ಪೊಲೀಸ್ ಅಧಿಕಾರಿಗಳು ತಿಳಿಸಿದ್ದು, ಮುಳುಗು ತಜ್ಞರ ಸಹಾಯದಿಂದ ಶೋಧ ಕಾರ್ಯ ನಡೆಸಲಾಗುತ್ತಿದೆ. ಪ್ರಾಥಮಿಕವಾಗಿ ದಿನೇಶ್ ತನ್ನ ಪತ್ನಿ ಮತ್ತು ಪ್ರಿಯಕರನಿಂದ ಸಾವನ್ನಪ್ಪಿದ್ದಾನೆ. ಆರೋಪಿಗಳನ್ನು ಬಂಧಿಸಿ ನ್ಯಾಯಾಂಗ ಬಂಧನಕ್ಕೆ ಒಪ್ಪಿಸಲಾಗಿದೆ ಎಂದು ಪೊಲೀಸರು ತಿಳಿಸಿದ್ದಾರೆ. ಈ ಘಟನೆ ಗ್ರಾಮದಲ್ಲಿ ಆತಂಕ ಮೂಡಿಸಿದೆ. ಕುಟುಂಬ ಸದಸ್ಯರು ನ್ಯಾಯಕ್ಕಾಗಿ ಆಗ್ರಹಿಸಿದ್ದಾರೆ.

ಪರಿಶಿಷ್ಟ ಜಾತಿ ಒಳ ಮೀಸಲಾತಿ ವರ್ಗೀಕರಣ
ಸಮೀಕ್ಷೆ ಕಾರ್ಯ ಅವಧಿ ವಿಸ್ತರಣೆ

ಸುವರ್ಣವಾಹಿನಿ ಸುದ್ದಿ ಬಳ್ಳಾರಿ,ಮೇ.17: ನ್ಯಾಯಮೂರ್ತಿ ಡಾ. ಹೆಚ್.ಎನ್.ನಾಗಮೋಹನ ದಾಸ್ ಅವರ ಏಕ ಸದಸ್ಯ ವಿಚಾರಣಾ ಆಯೋಗದ ನಿರ್ದೇಶನದಂತೆ ಪರಿಶಿಷ್ಟ ಜಾತಿಗಳ ಒಳ ಮೀಸಲಾತಿ ವರ್ಗೀಕರಣದ ಕುರಿತು ಪ್ರಾಯೋಗಿಕ ದತ್ತಾಂಶ ಸಂಗ್ರಹಿಸಲು ಕೈಗೊಂಡಿರುವ ಸಮೀಕ್ಷೆ ಕಾರ್ಯದ ಅವಧಿಯನ್ನು ವಿಸ್ತರಿಸಲಾಗಿದೆ. ಮೇ 26 ರಿಂದ 28 ರವರೆಗೆ ವಿಶೇಷ ಶಿಬಿರಗಳಲ್ಲಿ ಸಮೀಕ್ಷೆ ನಡೆಯಲಿದೆ. ಮೇ 19 ರಿಂದ 28 ರವರೆಗೆ ಸ್ವಯಂ ಘೋಷಣೆಗೆ ಅವಕಾಶ ನೀಡಲಾಗಿದೆ. ಆನ್‌ಲೈನ್ ಮೂಲಕ ಮೇ 19 ರಿಂದ 28 ರವರೆಗೆ ಸ್ವಯಂ ಘೋಷಣೆಗೆ ಅವಕಾಶ ಕಲ್ಪಿಸಲಾಗಿದೆ. ಈ ಸಮೀಕ್ಷೆಯಲ್ಲಿ ಎಲ್ಲಾ ಪರಿಶಿಷ್ಟ ಜಾತಿಯ ಕುಟುಂಬಗಳು ಭಾಗವಹಿಸಿ ಸಹಕರಿಸಬೇಕು. ಸಮೀಕ್ಷೆಯ ವೇಳೆ ಆಧಾರ್ ಕಾರ್ಡ್, ಪಡಿತರ ಚೀಟಿ ಮತ್ತು ಜಾತಿ ಪ್ರಮಾಣ ಪತ್ರ ಹಾಜರುಪಡಿಸಬೇಕು ಎಂದು ಜಿಲ್ಲಾಧಿಕಾರಿಗಳು ತಿಳಿಸಿದ್ದಾರೆ. ಸಹಾಯವಾಣಿ ಸಂಖ್ಯೆಗೆ ಕರೆ ಮಾಡಿ ಹೆಚ್ಚಿನ ಮಾಹಿತಿ ಪಡೆಯಬಹುದು ಎಂದು ಸಮಾಜ ಕಲ್ಯಾಣ ಇಲಾಖೆಯ ಉಪನಿರ್ದೇಶಕರು ಪ್ರಕಟಣೆಯಲ್ಲಿ ತಿಳಿಸಿದ್ದಾರೆ. ವಿಶೇಷ ಶಿಬಿರ ನಡೆಸಲಾಗುವುದು.

ಸುವರ್ಣವಾಹಿನಿ ಚಿತ್ರಸುದ್ದಿ: ಬಳ್ಳಾರಿ ತಾಲ್ಲೂಕಿನ ಸಂಗನಕಲ್ಲು ಗ್ರಾಮದ ಪ್ರಾಥಮಿಕ ಆರೋಗ್ಯ ಕೇಂದ್ರದಲ್ಲಿ ರಾಷ್ಟ್ರೀಯ ಡೆಂಗ್ಯೂ ದಿನಾಚರಣೆ ಅಂಗವಾಗಿ ಜಾಗೃತಿ ಕಾರ್ಯಕ್ರಮ ಹಮ್ಮಿಕೊಳ್ಳಲಾಯಿತು. ಈ ಕಾರ್ಯಕ್ರಮದಲ್ಲಿ ಡಾ. ಬಾಲಕೃಷ್ಣ ಅವರು ಜಾಗೃತಿ ಮೂಡಿಸಿದರು. ಆರೋಗ್ಯ ಇಲಾಖೆಯ ಸಿಬ್ಬಂದಿಗಳು, ಆಶಾ ಕಾರ್ಯಕರ್ತೆಯರು ಹಾಗೂ ಸಾರ್ವಜನಿಕರು ಪಾಲ್ಗೊಂಡಿದ್ದರು.
ಕಂಚಿನ ಪದಕ ಪಡೆದ ಡಾ.ಕೆ.ಎಸ್.ರಮೇಶ ಅವರಿಗೆ ಸನ್ಮಾನ

ಸುವರ್ಣವಾಹಿನಿ ಸುದ್ದಿ ಗಂಗಾವತಿ,ಮೇ.17: ದಕ್ಷಿಣ ಕನ್ನಡ ಜಿಲ್ಲೆಯ ಉಡುಪಿಯಲ್ಲಿ ನಡೆದ 24ನೇ ರಾಜ್ಯಮಟ್ಟದ ಮಾಸ್ಟರ್ಸ್ ಅಥ್ಲೆಟಿಕ್ ಚಾಂಪಿಯನ್‌ಶಿಪ್‌ನಲ್ಲಿ ಕಂಚಿನ ಪದಕ ಪಡೆದ ಡಾ.ಕೆ.ಎಸ್.ರಮೇಶ ಅವರನ್ನು ಗಂಗಾವತಿಯಲ್ಲಿ ಸನ್ಮಾನಿಸಲಾಯಿತು. ವಿವಿಧ ವಿಭಾಗಗಳಲ್ಲಿ ನಡೆದ ಸ್ಪರ್ಧೆಯಲ್ಲಿ ಭಾಗವಹಿಸಿದ್ದ ಅವರು ಉತ್ತಮ ಪ್ರದರ್ಶನ ನೀಡಿ ಪದಕ ಗೆದ್ದಿದ್ದಾರೆ. ಈ ಸಂದರ್ಭದಲ್ಲಿ ಕ್ರೀಡಾಭಿಮಾನಿಗಳು ಹಾಗೂ ಸ್ನೇಹಿತರು ಉಪಸ್ಥಿತರಿದ್ದರು. ಮುಂದಿನ ದಿನಗಳಲ್ಲಿ ರಾಷ್ಟ್ರಮಟ್ಟದ ಸ್ಪರ್ಧೆಯಲ್ಲಿ ಭಾಗವಹಿಸುವುದಾಗಿ ಅವರು ತಿಳಿಸಿದರು. ಅವರ ಸಾಧನೆಯನ್ನು ಎಲ್ಲರೂ ಶ್ಲಾಘಿಸಿದರು. ಹಿರಿಯ ಕ್ರೀಡಾಪಟುಗಳಿಗೆ ಪ್ರೇರಣೆಯಾಗಿದ್ದಾರೆ.

ವೈಟ್‌ಫೀಲ್ಡ್‌ನ ಈ ರಸ್ತೆಯಲ್ಲಿ ಭಾನುವಾರದಿಂದ 4 ದಿನ ವಾಹನ ಸಂಚಾರ ನಿರ್ಬಂಧ

ಬೆಂಗಳೂರು,ಮೇ.17: ಪ್ಯಾರಲಲ್ ವೈಟ್‌ಫೀಲ್ಡ್ ಮುಖ್ಯರಸ್ತೆಯಲ್ಲಿ ರೈಲ್ವೆ ಹಳಿಗಳ ಮೇಲೆ 33.5 ಮೀ ಉದ್ದದ ಗರ್ಡರ್ ಅಳವಡಿಸುವ ಕಾಮಗಾರಿ ಹಿನ್ನೆಲೆ ಮೇ.18ರಿಂದ ಮೇ.21ರವರೆಗೆ ವಾಹನ ಸಂಚಾರದಲ್ಲಿ ಬದಲಾವಣೆ ಮಾಡಲಾಗಿದೆ. ಭಾನುವಾರ ರಾತ್ರಿ 12:00ರಿಂದ ಬೆಳಗಿನ ಜಾವ 03:00 ರವರೆಗೆ ಸಂಚಾರ ನಿರ್ಬಂಧಿಸಲಾಗಿದೆ. ಸಾರ್ವಜನಿಕರು ಸುಗಮ ಸಂಚಾರಕ್ಕಾಗಿ ಪರ್ಯಾಯ ಮಾರ್ಗಗಳನ್ನು ಬಳಸುವಂತೆ ಸಂಚಾರ ಪೊಲೀಸರು ಮನವಿ ಮಾಡಿದ್ದಾರೆ. ಹೊಸಕೋಟೆ ಕಡೆಯಿಂದ ಬರುವ ವಾಹನಗಳು ಕಾಡುಗೋಡಿ ಮಾರ್ಗವಾಗಿ ಸಂಚರಿಸಬಹುದು. ಪರ್ಯಾಯ ಮಾರ್ಗ: ಐಟಿಪಿಎಲ್ ಕಡೆಯಿಂದ ಪ್ಯಾರಲಲ್ ವೈಟ್‌ಫೀಲ್ಡ್ ರಸ್ತೆಯ ಮೂಲಕ ಸಂಚರಿಸುವ ವಾಹನಗಳು ಹೋಪ್ ಫಾರಂ ಜಂಕ್ಷನ್ ಮೂಲಕ ಸಾಗಬೇಕು. ಸಂಚಾರ ನಿರ್ಬಂಧ: ಹೆಚ್ಚಾಳ ಮೇಲ್ಸೇತುವೆಯಿಂದ ಎಮ್ಮೆ ವಾರದ ವರೆಗೆ ಪ್ರತಿದಿನ ರಾತ್ರಿ ಸಂಚಾರ ನಿರ್ಬಂಧಿಸಲಾಗಿದೆ. ಪರ್ಯಾಯ ಮಾರ್ಗ: ಅಂತರರಾಷ್ಟ್ರೀಯ ವಿಮಾನ ನಿಲ್ದಾಣದಿಂದ ಮೆಟ್ರೋ ವೃತ್ತದ ಕಡೆಗೆ ಬರುವ ವಾಹನಗಳು ಎಡ ತಿರುವು ಪಡೆದು ಸಂಚರಿಸಬೇಕು. ವಾಹನ ಸವಾರರು ಸಹಕರಿಸಬೇಕೆಂದು ಸಂಚಾರ ಪೊಲೀಸರು ಕೋರಿದ್ದಾರೆ.
